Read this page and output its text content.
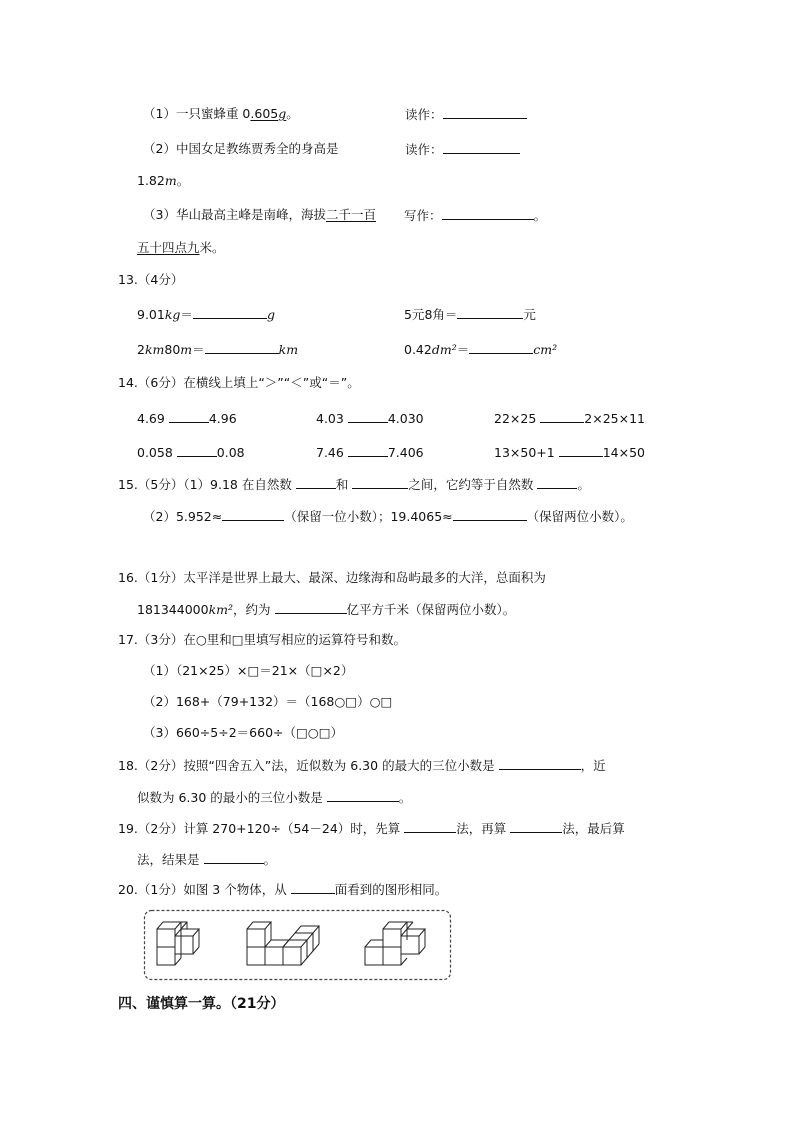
（1）一只蜜蜂重 0.605g。	读作：
（2）中国女足教练贾秀全的身高是	读作：
1.82m。
（3）华山最高主峰是南峰，海拔二千一百 写作：	。
五十四点九米。
13.（4分）
9.01kg＝	g	5元8角＝	元
2km80m＝	km	0.42dm²＝	cm²
14.（6分）在横线上填上“＞”“＜”或“＝”。
4.69	4.96	4.03	4.030	22×25	2×25×11
0.058	0.08	7.46	7.406	13×50+1	14×50
15.（5分）（1）9.18 在自然数	和	之间，它约等于自然数	。
（2）5.952≈	（保留一位小数）；19.4065≈	（保留两位小数）。
16.（1分）太平洋是世界上最大、最深、边缘海和岛屿最多的大洋，总面积为
181344000km²，约为	亿平方千米（保留两位小数）。
17.（3分）在○里和□里填写相应的运算符号和数。
（1）（21×25）×□＝21×（□×2）
（2）168+（79+132）＝（168○□）○□
（3）660÷5÷2＝660÷（□○□）
18.（2分）按照“四舍五入”法，近似数为 6.30 的最大的三位小数是	，近
似数为 6.30 的最小的三位小数是	。
19.（2分）计算 270+120÷（54－24）时，先算	法，再算	法，最后算
法，结果是	。
20.（1分）如图 3 个物体，从	面看到的图形相同。
四、谨慎算一算。（21分）
